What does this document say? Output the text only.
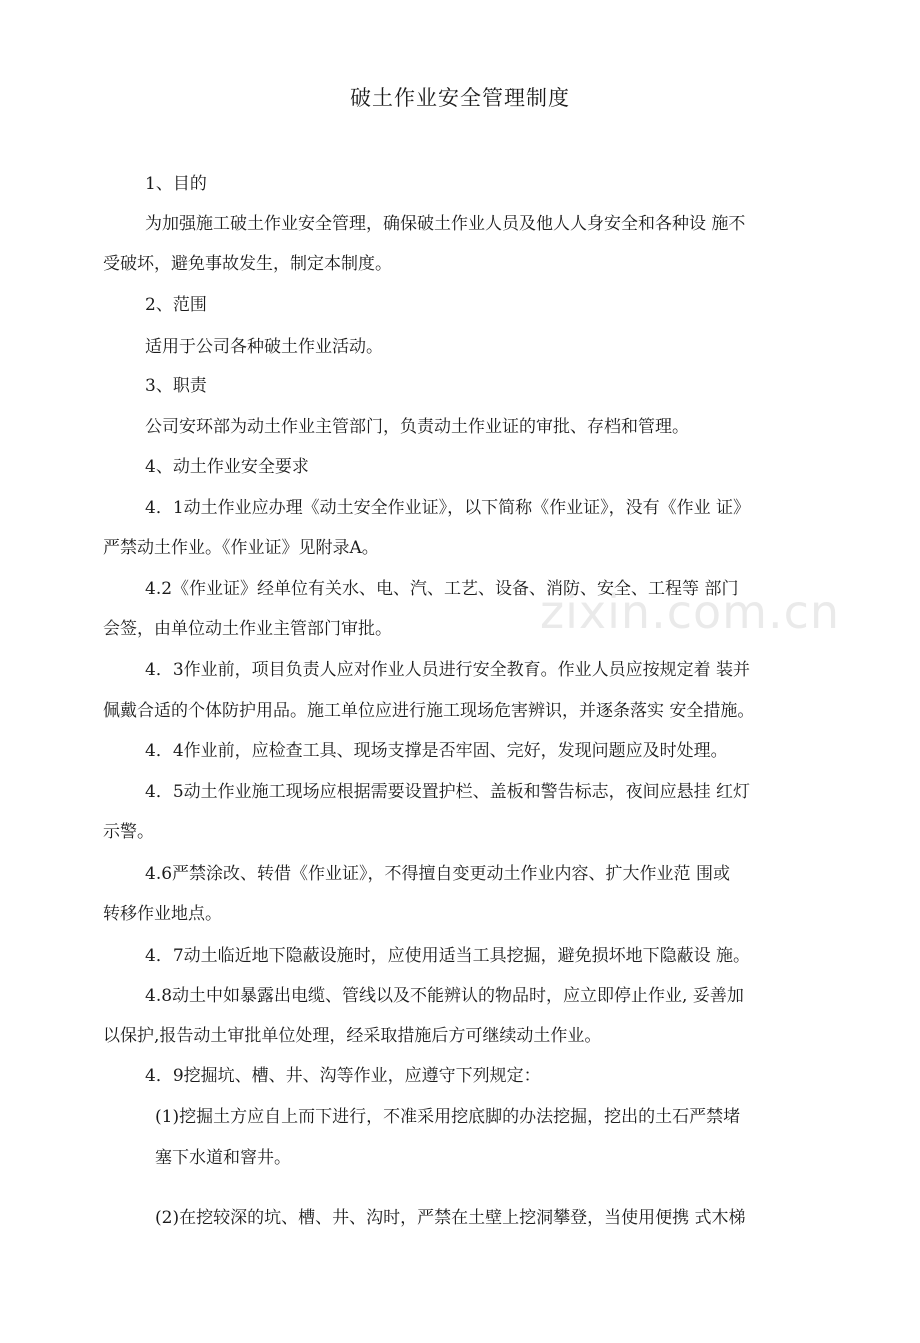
破土作业安全管理制度
zixin.com.cn
1、目的
为加强施工破土作业安全管理，确保破土作业人员及他人人身安全和各种设 施不
受破坏，避免事故发生，制定本制度。
2、范围
适用于公司各种破土作业活动。
3、职责
公司安环部为动土作业主管部门，负责动土作业证的审批、存档和管理。
4、动土作业安全要求
4．1动土作业应办理《动土安全作业证》，以下简称《作业证》，没有《作业 证》
严禁动土作业。《作业证》见附录A。
4.2《作业证》经单位有关水、电、汽、工艺、设备、消防、安全、工程等 部门
会签，由单位动土作业主管部门审批。
4．3作业前，项目负责人应对作业人员进行安全教育。作业人员应按规定着 装并
佩戴合适的个体防护用品。施工单位应进行施工现场危害辨识，并逐条落实 安全措施。
4．4作业前，应检查工具、现场支撑是否牢固、完好，发现问题应及时处理。
4．5动土作业施工现场应根据需要设置护栏、盖板和警告标志，夜间应悬挂 红灯
示警。
4.6严禁涂改、转借《作业证》，不得擅自变更动土作业内容、扩大作业范 围或
转移作业地点。
4．7动土临近地下隐蔽设施时，应使用适当工具挖掘，避免损坏地下隐蔽设 施。
4.8动土中如暴露出电缆、管线以及不能辨认的物品时，应立即停止作业, 妥善加
以保护,报告动土审批单位处理，经采取措施后方可继续动土作业。
4．9挖掘坑、槽、井、沟等作业，应遵守下列规定：
(1)挖掘土方应自上而下进行，不准采用挖底脚的办法挖掘，挖出的土石严禁堵
塞下水道和窨井。
(2)在挖较深的坑、槽、井、沟时，严禁在土壁上挖洞攀登，当使用便携 式木梯
